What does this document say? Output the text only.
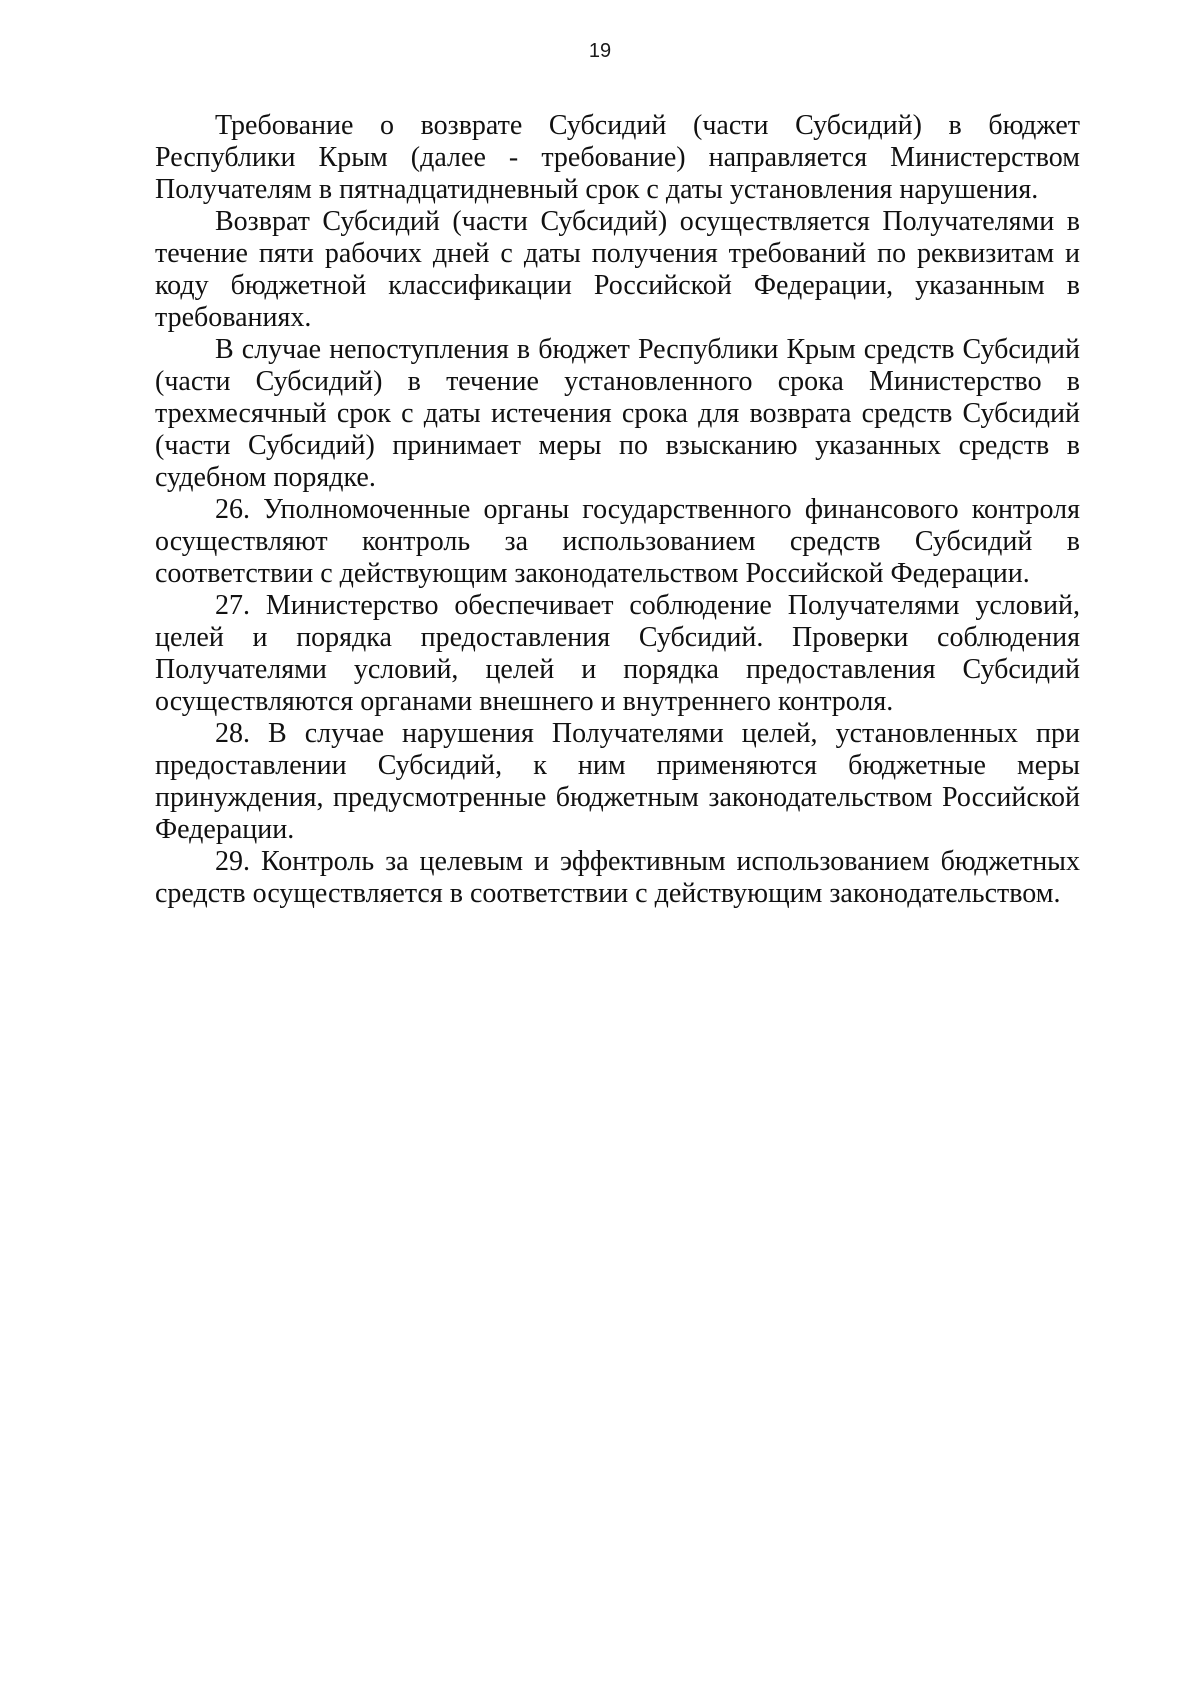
19

Требование о возврате Субсидий (части Субсидий) в бюджет Республики Крым (далее - требование) направляется Министерством Получателям в пятнадцатидневный срок с даты установления нарушения.

Возврат Субсидий (части Субсидий) осуществляется Получателями в течение пяти рабочих дней с даты получения требований по реквизитам и коду бюджетной классификации Российской Федерации, указанным в требованиях.

В случае непоступления в бюджет Республики Крым средств Субсидий (части Субсидий) в течение установленного срока Министерство в трехмесячный срок с даты истечения срока для возврата средств Субсидий (части Субсидий) принимает меры по взысканию указанных средств в судебном порядке.

26. Уполномоченные органы государственного финансового контроля осуществляют контроль за использованием средств Субсидий в соответствии с действующим законодательством Российской Федерации.

27. Министерство обеспечивает соблюдение Получателями условий, целей и порядка предоставления Субсидий. Проверки соблюдения Получателями условий, целей и порядка предоставления Субсидий осуществляются органами внешнего и внутреннего контроля.

28. В случае нарушения Получателями целей, установленных при предоставлении Субсидий, к ним применяются бюджетные меры принуждения, предусмотренные бюджетным законодательством Российской Федерации.

29. Контроль за целевым и эффективным использованием бюджетных средств осуществляется в соответствии с действующим законодательством.
